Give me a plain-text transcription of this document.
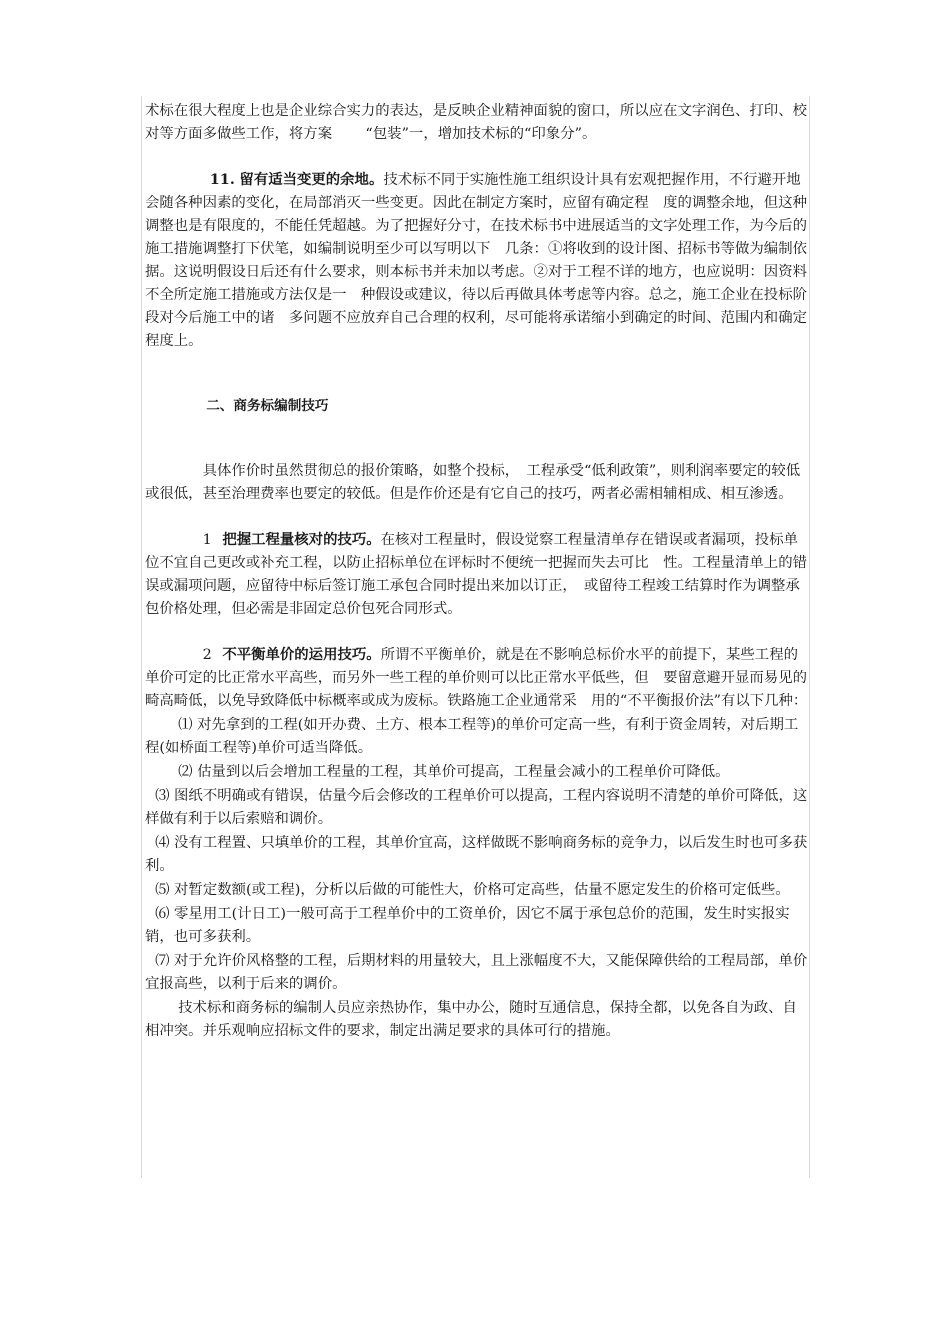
术标在很大程度上也是企业综合实力的表达，是反映企业精神面貌的窗口，所以应在文字润色、打印、校对等方面多做些工作，将方案　　 “包装”一，增加技术标的“印象分”。

11. 留有适当变更的余地。技术标不同于实施性施工组织设计具有宏观把握作用，不行避开地会随各种因素的变化，在局部消灭一些变更。因此在制定方案时，应留有确定程　度的调整余地，但这种调整也是有限度的，不能任凭超越。为了把握好分寸，在技术标书中进展适当的文字处理工作，为今后的施工措施调整打下伏笔，如编制说明至少可以写明以下　几条：①将收到的设计图、招标书等做为编制依据。这说明假设日后还有什么要求，则本标书并未加以考虑。②对于工程不详的地方，也应说明：因资料不全所定施工措施或方法仅是一　种假设或建议，待以后再做具体考虑等内容。总之，施工企业在投标阶段对今后施工中的诸　多问题不应放弃自己合理的权利，尽可能将承诺缩小到确定的时间、范围内和确定程度上。

二、商务标编制技巧

具体作价时虽然贯彻总的报价策略，如整个投标，　工程承受“低利政策”，则利润率要定的较低或很低，甚至治理费率也要定的较低。但是作价还是有它自己的技巧，两者必需相辅相成、相互渗透。

1 把握工程量核对的技巧。在核对工程量时，假设觉察工程量清单存在错误或者漏项，投标单位不宜自己更改或补充工程，以防止招标单位在评标时不便统一把握而失去可比　性。工程量清单上的错误或漏项问题，应留待中标后签订施工承包合同时提出来加以订正，　或留待工程竣工结算时作为调整承包价格处理，但必需是非固定总价包死合同形式。

2 不平衡单价的运用技巧。所谓不平衡单价，就是在不影响总标价水平的前提下，某些工程的单价可定的比正常水平高些，而另外一些工程的单价则可以比正常水平低些，但　要留意避开显而易见的畸高畸低，以免导致降低中标概率或成为废标。铁路施工企业通常采　用的“不平衡报价法”有以下几种：

⑴ 对先拿到的工程(如开办费、土方、根本工程等)的单价可定高一些，有利于资金周转，对后期工程(如桥面工程等)单价可适当降低。

⑵ 估量到以后会增加工程量的工程，其单价可提高，工程量会减小的工程单价可降低。

⑶ 图纸不明确或有错误，估量今后会修改的工程单价可以提高，工程内容说明不清楚的单价可降低，这样做有利于以后索赔和调价。

⑷ 没有工程置、只填单价的工程，其单价宜高，这样做既不影响商务标的竞争力，以后发生时也可多获利。

⑸ 对暂定数额(或工程)，分析以后做的可能性大，价格可定高些，估量不愿定发生的价格可定低些。

⑹ 零星用工(计日工)一般可高于工程单价中的工资单价，因它不属于承包总价的范围，发生时实报实销，也可多获利。

⑺ 对于允许价风格整的工程，后期材料的用量较大，且上涨幅度不大，又能保障供给的工程局部，单价宜报高些，以利于后来的调价。

技术标和商务标的编制人员应亲热协作，集中办公，随时互通信息，保持全都，以免各自为政、自相冲突。并乐观响应招标文件的要求，制定出满足要求的具体可行的措施。
